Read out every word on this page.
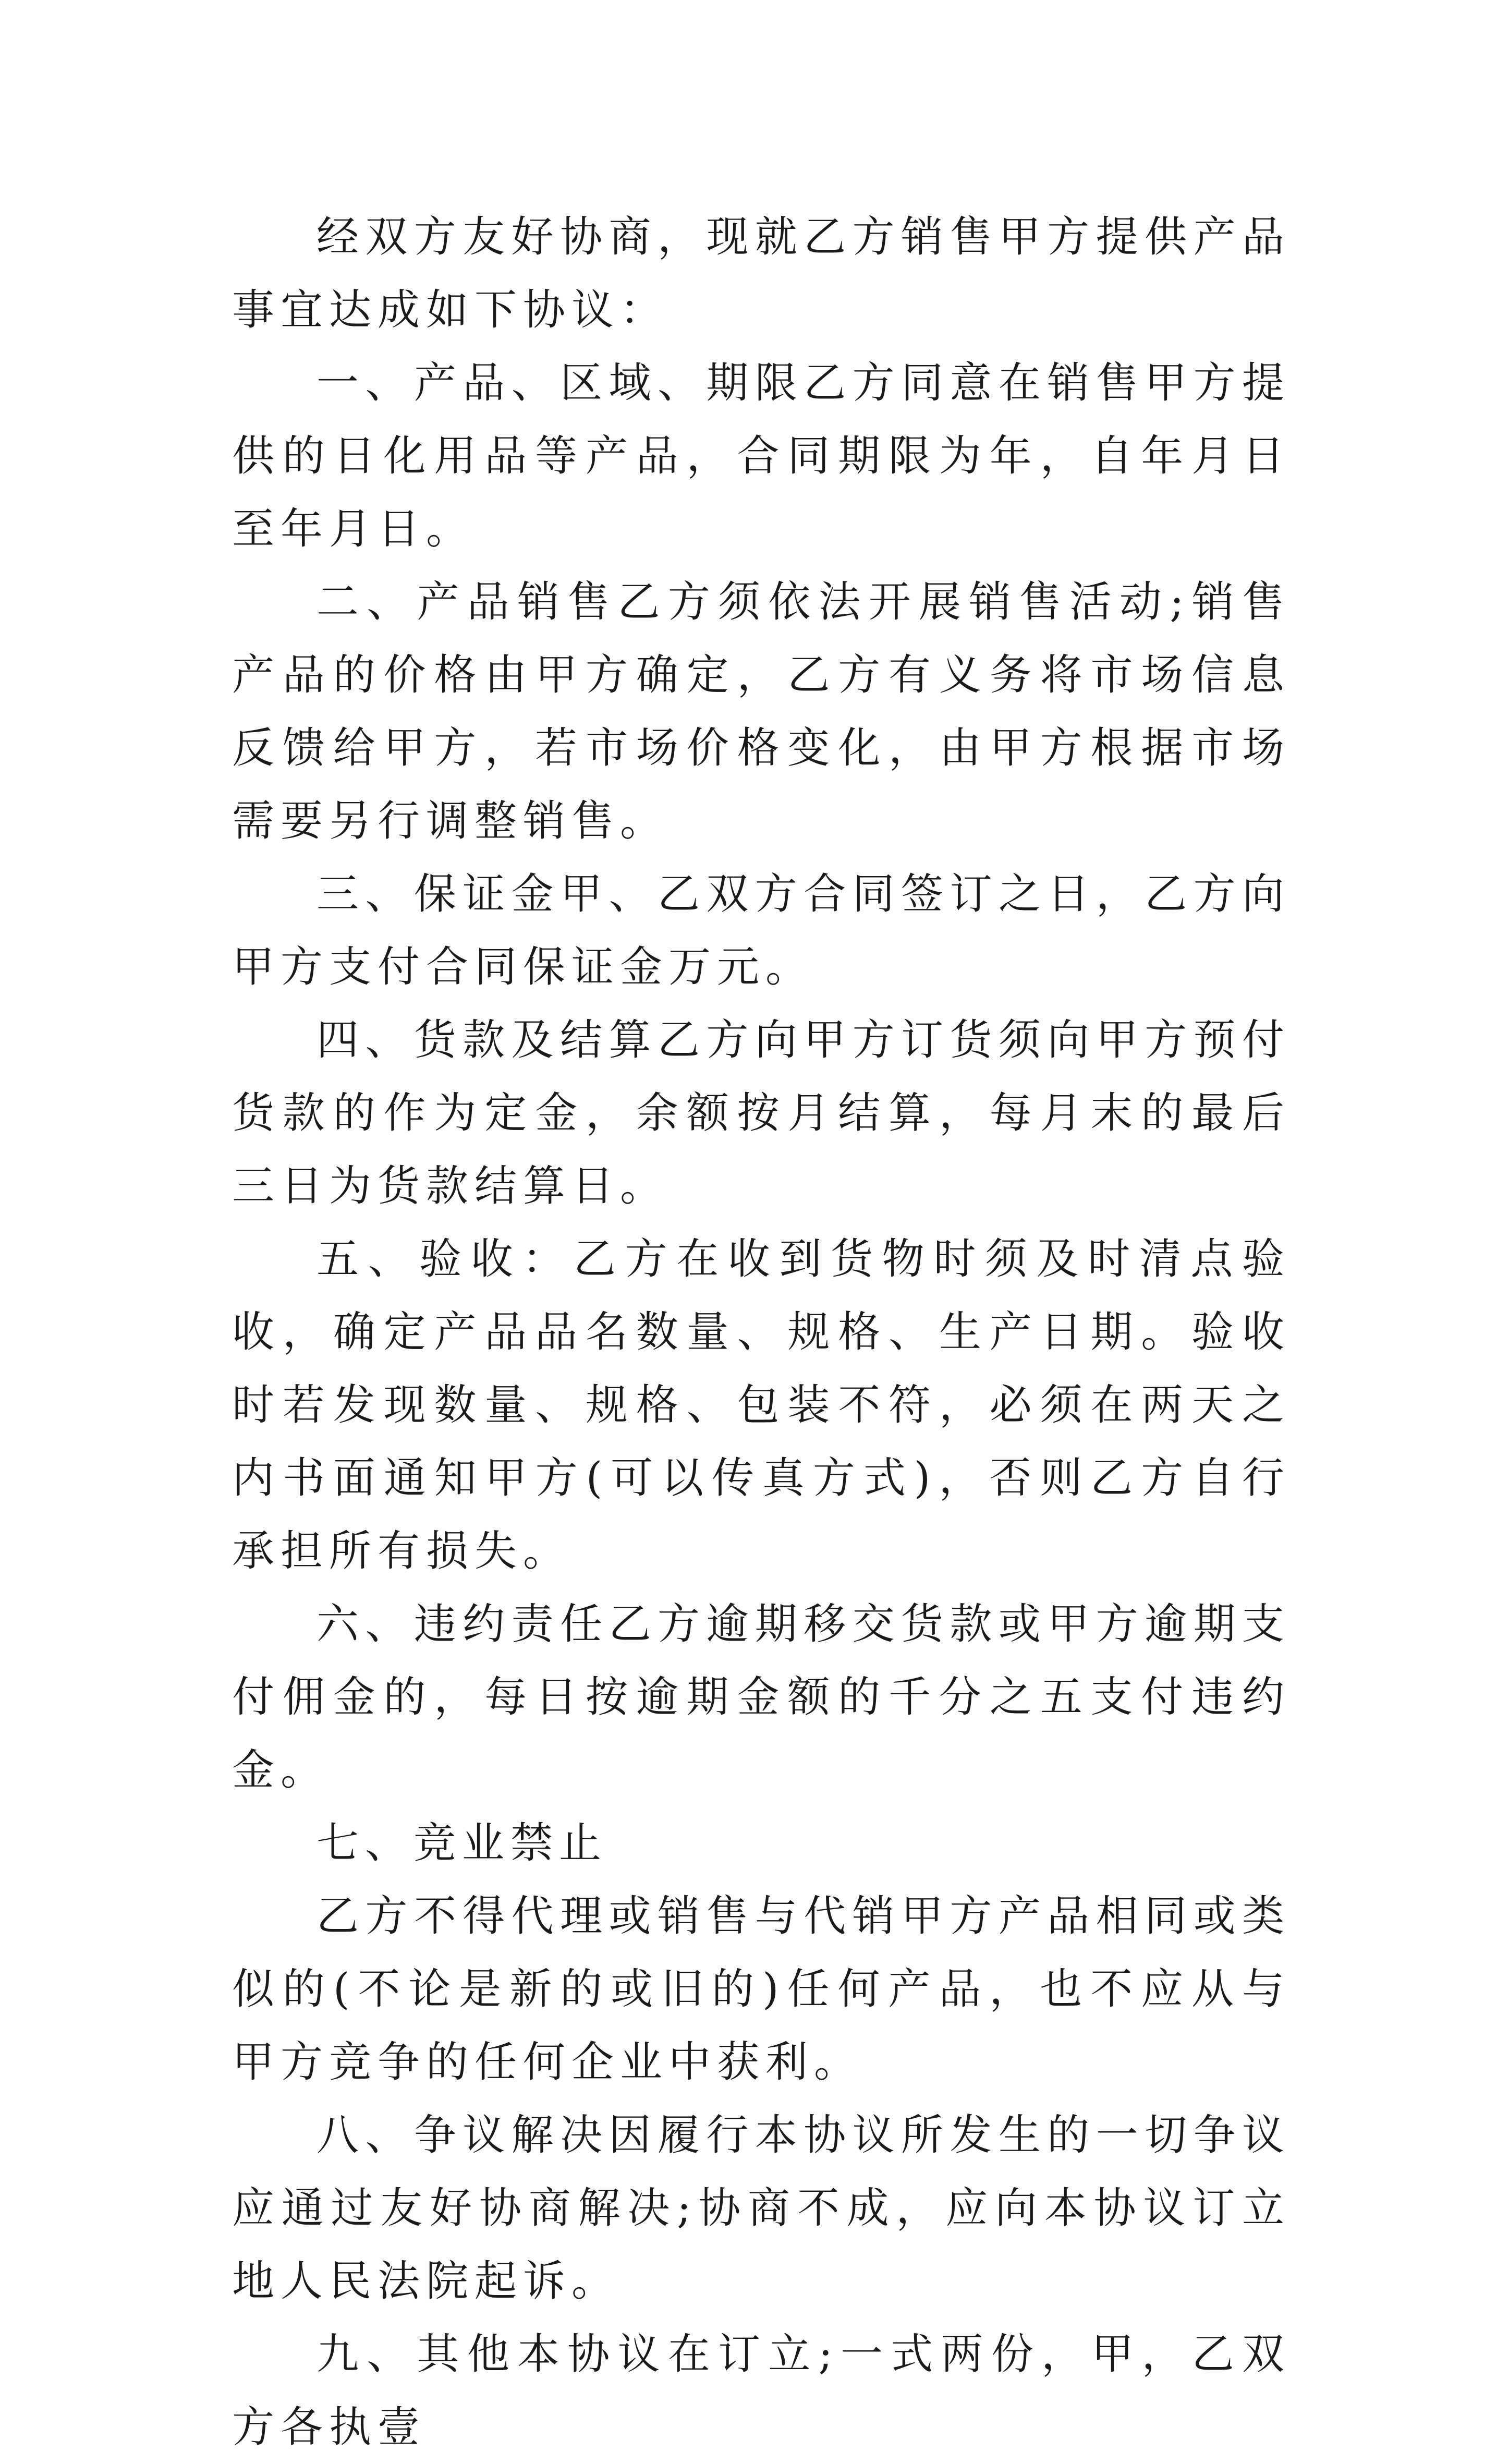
经双方友好协商，现就乙方销售甲方提供产品事宜达成如下协议：

一、产品、区域、期限乙方同意在销售甲方提供的日化用品等产品，合同期限为年，自年月日至年月日。

二、产品销售乙方须依法开展销售活动;销售产品的价格由甲方确定，乙方有义务将市场信息反馈给甲方，若市场价格变化，由甲方根据市场需要另行调整销售。

三、保证金甲、乙双方合同签订之日，乙方向甲方支付合同保证金万元。

四、货款及结算乙方向甲方订货须向甲方预付货款的作为定金，余额按月结算，每月末的最后三日为货款结算日。

五、验收：乙方在收到货物时须及时清点验收，确定产品品名数量、规格、生产日期。验收时若发现数量、规格、包装不符，必须在两天之内书面通知甲方(可以传真方式)，否则乙方自行承担所有损失。

六、违约责任乙方逾期移交货款或甲方逾期支付佣金的，每日按逾期金额的千分之五支付违约金。

七、竞业禁止

乙方不得代理或销售与代销甲方产品相同或类似的(不论是新的或旧的)任何产品，也不应从与甲方竞争的任何企业中获利。

八、争议解决因履行本协议所发生的一切争议应通过友好协商解决;协商不成，应向本协议订立地人民法院起诉。

九、其他本协议在订立;一式两份，甲，乙双方各执壹
